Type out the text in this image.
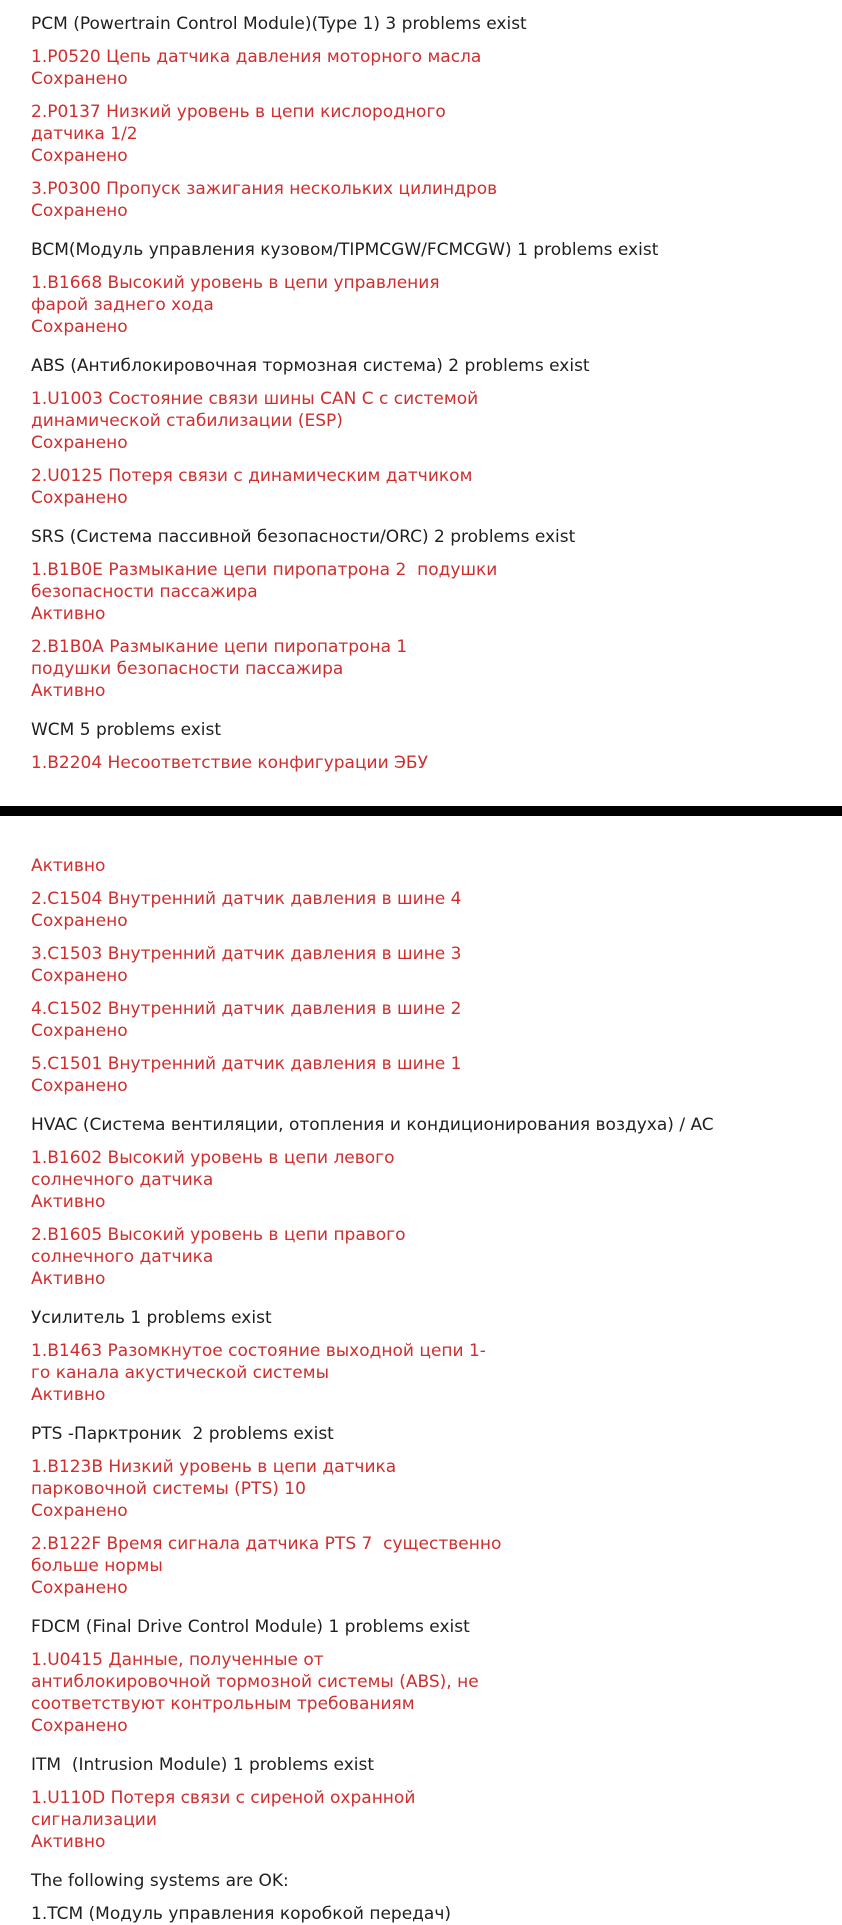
PCM (Powertrain Control Module)(Type 1) 3 problems exist
1.P0520 Цепь датчика давления моторного масла
Сохранено
2.P0137 Низкий уровень в цепи кислородного
датчика 1/2
Сохранено
3.P0300 Пропуск зажигания нескольких цилиндров
Сохранено
BCM(Модуль управления кузовом/TIPMCGW/FCMCGW) 1 problems exist
1.B1668 Высокий уровень в цепи управления
фарой заднего хода
Сохранено
ABS (Антиблокировочная тормозная система) 2 problems exist
1.U1003 Состояние связи шины CAN C с системой
динамической стабилизации (ESP)
Сохранено
2.U0125 Потеря связи с динамическим датчиком
Сохранено
SRS (Система пассивной безопасности/ORC) 2 problems exist
1.B1B0E Размыкание цепи пиропатрона 2  подушки
безопасности пассажира
Активно
2.B1B0A Размыкание цепи пиропатрона 1
подушки безопасности пассажира
Активно
WCM 5 problems exist
1.B2204 Несоответствие конфигурации ЭБУ
Активно
2.C1504 Внутренний датчик давления в шине 4
Сохранено
3.C1503 Внутренний датчик давления в шине 3
Сохранено
4.C1502 Внутренний датчик давления в шине 2
Сохранено
5.C1501 Внутренний датчик давления в шине 1
Сохранено
HVAC (Система вентиляции, отопления и кондиционирования воздуха) / AC
1.B1602 Высокий уровень в цепи левого
солнечного датчика
Активно
2.B1605 Высокий уровень в цепи правого
солнечного датчика
Активно
Усилитель 1 problems exist
1.B1463 Разомкнутое состояние выходной цепи 1-
го канала акустической системы
Активно
PTS -Парктроник  2 problems exist
1.B123B Низкий уровень в цепи датчика
парковочной системы (PTS) 10
Сохранено
2.B122F Время сигнала датчика PTS 7  существенно
больше нормы
Сохранено
FDCM (Final Drive Control Module) 1 problems exist
1.U0415 Данные, полученные от
антиблокировочной тормозной системы (ABS), не
соответствуют контрольным требованиям
Сохранено
ITM  (Intrusion Module) 1 problems exist
1.U110D Потеря связи с сиреной охранной
сигнализации
Активно
The following systems are OK:
1.TCM (Модуль управления коробкой передач)
